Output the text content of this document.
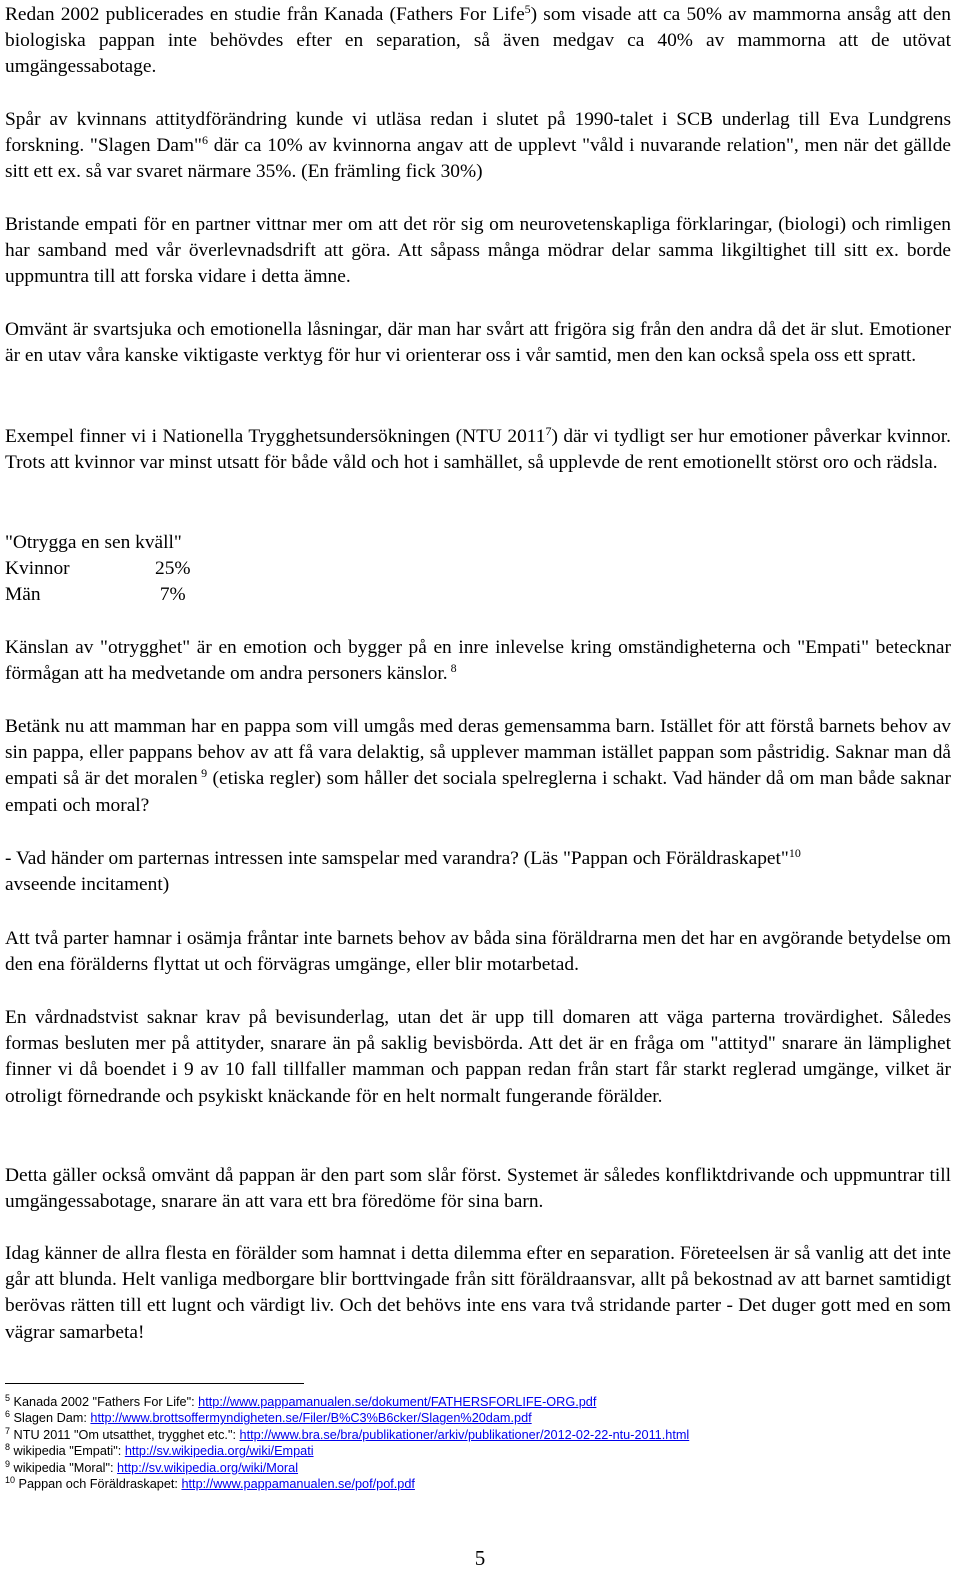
Redan 2002 publicerades en studie från Kanada (Fathers For Life$^5$) som visade att ca 50% av mammorna ansåg att den biologiska pappan inte behövdes efter en separation, så även medgav ca 40% av mammorna att de utövat umgängessabotage.

Spår av kvinnans attitydförändring kunde vi utläsa redan i slutet på 1990-talet i SCB underlag till Eva Lundgrens forskning. "Slagen Dam"$^6$ där ca 10% av kvinnorna angav att de upplevt "våld i nuvarande relation", men när det gällde sitt ett ex. så var svaret närmare 35%. (En främling fick 30%)

Bristande empati för en partner vittnar mer om att det rör sig om neurovetenskapliga förklaringar, (biologi) och rimligen har samband med vår överlevnadsdrift att göra. Att såpass många mödrar delar samma likgiltighet till sitt ex. borde uppmuntra till att forska vidare i detta ämne.

Omvänt är svartsjuka och emotionella låsningar, där man har svårt att frigöra sig från den andra då det är slut. Emotioner är en utav våra kanske viktigaste verktyg för hur vi orienterar oss i vår samtid, men den kan också spela oss ett spratt.

Exempel finner vi i Nationella Trygghetsundersökningen (NTU 2011$^7$) där vi tydligt ser hur emotioner påverkar kvinnor. Trots att kvinnor var minst utsatt för både våld och hot i samhället, så upplevde de rent emotionellt störst oro och rädsla.

"Otrygga en sen kväll"
Kvinnor	25%
Män	7%

Känslan av "otrygghet" är en emotion och bygger på en inre inlevelse kring omständigheterna och "Empati" betecknar förmågan att ha medvetande om andra personers känslor. $^8$

Betänk nu att mamman har en pappa som vill umgås med deras gemensamma barn. Istället för att förstå barnets behov av sin pappa, eller pappans behov av att få vara delaktig, så upplever mamman istället pappan som påstridig. Saknar man då empati så är det moralen $^9$ (etiska regler) som håller det sociala spelreglerna i schakt. Vad händer då om man både saknar empati och moral?

- Vad händer om parternas intressen inte samspelar med varandra? (Läs "Pappan och Föräldraskapet"$^{10}$
avseende incitament)

Att två parter hamnar i osämja fråntar inte barnets behov av båda sina föräldrarna men det har en avgörande betydelse om den ena förälderns flyttat ut och förvägras umgänge, eller blir motarbetad.

En vårdnadstvist saknar krav på bevisunderlag, utan det är upp till domaren att väga parterna trovärdighet. Således formas besluten mer på attityder, snarare än på saklig bevisbörda. Att det är en fråga om "attityd" snarare än lämplighet finner vi då boendet i 9 av 10 fall tillfaller mamman och pappan redan från start får starkt reglerad umgänge, vilket är otroligt förnedrande och psykiskt knäckande för en helt normalt fungerande förälder.

Detta gäller också omvänt då pappan är den part som slår först. Systemet är således konfliktdrivande och uppmuntrar till umgängessabotage, snarare än att vara ett bra föredöme för sina barn.

Idag känner de allra flesta en förälder som hamnat i detta dilemma efter en separation. Företeelsen är så vanlig att det inte går att blunda. Helt vanliga medborgare blir borttvingade från sitt föräldraansvar, allt på bekostnad av att barnet samtidigt berövas rätten till ett lugnt och värdigt liv. Och det behövs inte ens vara två stridande parter - Det duger gott med en som vägrar samarbeta!

$^5$ Kanada 2002 "Fathers For Life": http://www.pappamanualen.se/dokument/FATHERSFORLIFE-ORG.pdf
$^6$ Slagen Dam: http://www.brottsoffermyndigheten.se/Filer/B%C3%B6cker/Slagen%20dam.pdf
$^7$ NTU 2011 "Om utsatthet, trygghet etc.": http://www.bra.se/bra/publikationer/arkiv/publikationer/2012-02-22-ntu-2011.html
$^8$ wikipedia "Empati": http://sv.wikipedia.org/wiki/Empati
$^9$ wikipedia "Moral": http://sv.wikipedia.org/wiki/Moral
$^{10}$ Pappan och Föräldraskapet: http://www.pappamanualen.se/pof/pof.pdf
5
